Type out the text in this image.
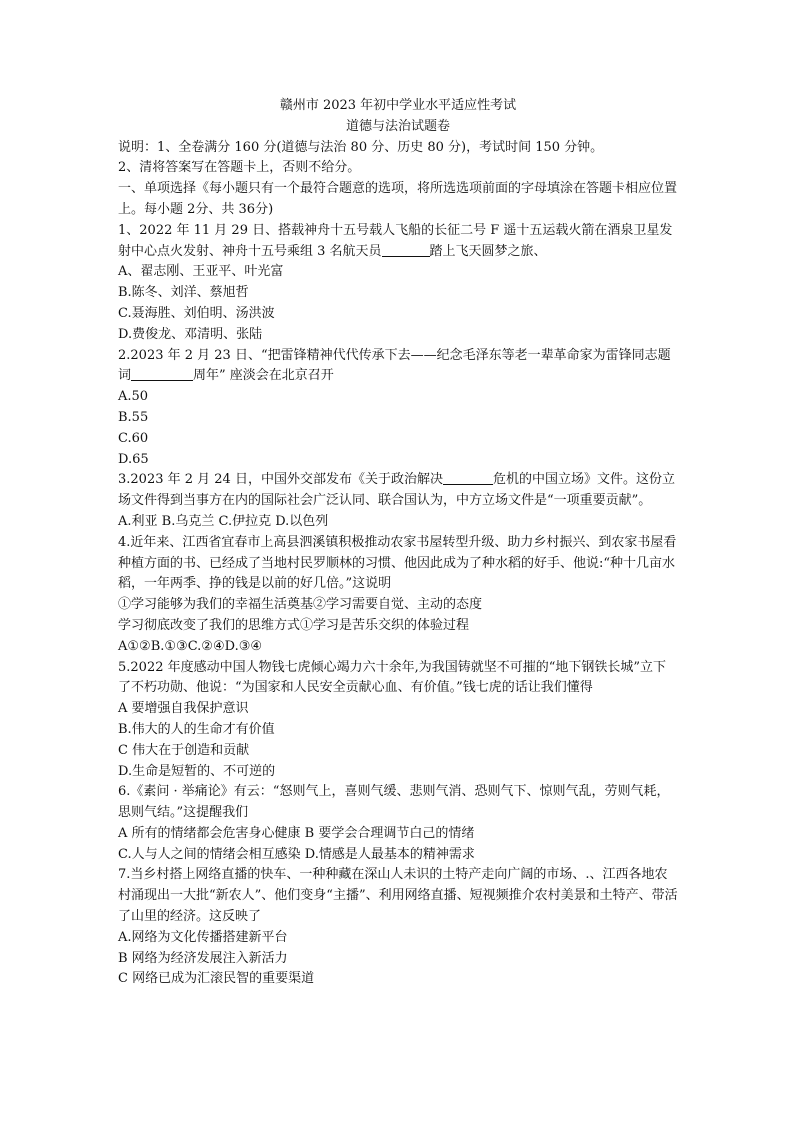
赣州市 2023 年初中学业水平适应性考试
道德与法治试题卷
说明：1、全卷满分 160 分(道德与法治 80 分、历史 80 分)，考试时间 150 分钟。
2、清将答案写在答题卡上，否则不给分。
一、单项选择《每小题只有一个最符合题意的选项，将所选选项前面的字母填涂在答题卡相应位置上。每小题 2分、共 36分)
1、2022 年 11 月 29 日、搭载神舟十五号载人飞船的长征二号 F 遥十五运载火箭在酒泉卫星发射中心点火发射、神舟十五号乘组 3 名航天员	踏上飞天圆梦之旅、
A、翟志刚、王亚平、叶光富
B.陈冬、刘洋、蔡旭哲
C.聂海胜、刘伯明、汤洪波
D.费俊龙、邓清明、张陆
2.2023 年 2 月 23 日、“把雷锋精神代代传承下去——纪念毛泽东等老一辈革命家为雷锋同志题词	周年” 座淡会在北京召开
A.50
B.55
C.60
D.65
3.2023 年 2 月 24 日，中国外交部发布《关于政治解决	危机的中国立场》文件。这份立场文件得到当事方在内的国际社会广泛认同、联合国认为，中方立场文件是“一项重要贡献”。
A.利亚 B.乌克兰 C.伊拉克 D.以色列
4.近年来、江西省宜春市上高县泗溪镇积极推动农家书屋转型升级、助力乡村振兴、到农家书屋看种植方面的书、已经成了当地村民罗顺林的习惯、他因此成为了种水稻的好手、他说:“种十几亩水稻，一年两季、挣的钱是以前的好几倍。”这说明
①学习能够为我们的幸福生活奠基②学习需要自觉、主动的态度
学习彻底改变了我们的思维方式①学习是苦乐交织的体验过程
A①②B.①③C.②④D.③④
5.2022 年度感动中国人物钱七虎倾心竭力六十余年,为我国铸就坚不可摧的“地下钢铁长城”立下了不朽功勋、他说：“为国家和人民安全贡献心血、有价值。”钱七虎的话让我们懂得
A 要增强自我保护意识
B.伟大的人的生命才有价值
C 伟大在于创造和贡献
D.生命是短暂的、不可逆的
6.《素问 · 举痛论》有云：“怒则气上，喜则气缓、悲则气消、恐则气下、惊则气乱，劳则气耗，思则气结。”这提醒我们
A 所有的情绪都会危害身心健康 B 要学会合理调节白己的情绪
C.人与人之间的情绪会相互感染 D.情感是人最基本的精神需求
7.当乡村搭上网络直播的快车、一种种藏在深山人未识的土特产走向广阔的市场、.、江西各地农村涌现出一大批“新农人”、他们变身“主播”、利用网络直播、短视频推介农村美景和土特产、带活了山里的经济。这反映了
A.网络为文化传播搭建新平台
B 网络为经济发展注入新活力
C 网络已成为汇滚民智的重要渠道
